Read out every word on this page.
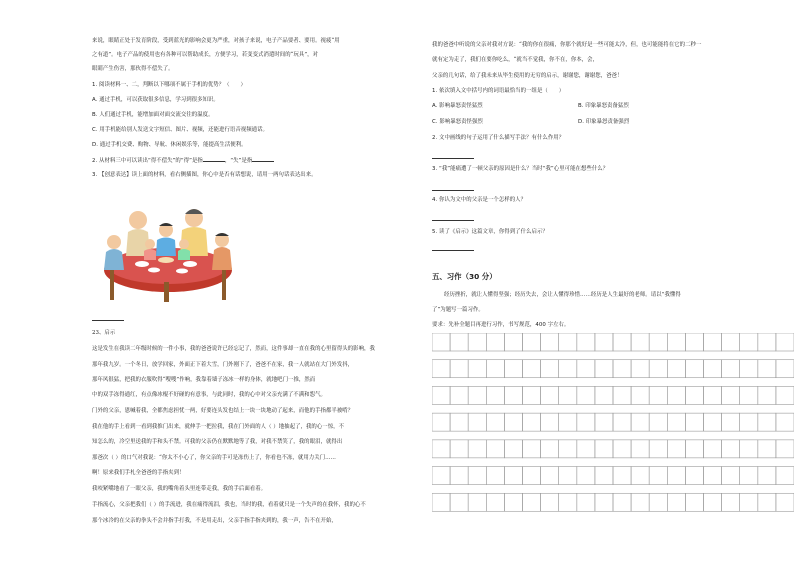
来说，眼睛正处于发育阶段，受到蓝光的影响会更为严重，对孩子来说，电子产品要者、要用。视疲“用
之有道”。电子产品的使用也有各种可以帮助成长，方便学习，若变变式消遣时间的“玩具”，对
眼睛产生伤害，那伙得不偿失了。
1. 阅读材料一、二，判断以下哪项不属于手机的优势？（　　）
A. 通过手机，可以获取很多信息，学习到很多知识。
B. 人们通过手机，能增加面对面交流交往的温度。
C. 用手机能给别人发送文字短信、图片、视频，还能进行语音视频通话。
D. 通过手机交费、购物、导航、休闲娱乐等，能提高生活便利。
2. 从材料三中可以读出“得不偿失”的“得”是指	，“失”是指
3. 【创意表达】读上面的材料，看右侧插图，你心中是否有话想说，请用一两句话表达出来。
23、启示
这是发生在我读二年级时候的一件小事，我的爸爸说许已经忘记了，然而，这件事却一直在我的心里留得头的影响，我
那年我九岁。一个冬日，放学回家，外面正下着大雪，门外刚下了，爸爸不在家，我一人就站在大门外发抖，
那年风很猛，把我的衣服吹得“嗖嗖”作响，我靠着墙子冻冰一样的身体，就地吧门一推，然而
中的双手冻得通红，有点像冰棍不好碰的有意事，与此同时，我的心中对父亲充满了不满和怨气。
门外的父亲，恩喊着我，全都焦虑担忧一两，好要连头发也结上一块一块地动了起来，而他的手指都半被啃？
我在他的手上看到一看到我推门出来，就伸手一把拉我，我在门外面的人（ ）地抽起了，我的心一惊，不
知怎么的，冷空里送我的手和头不禁。可我的父亲仍在默默地等了我，对我不禁笑了，我的眼泪，就得出
那爸次（ ）的口气对我说：“你太不小心了，你父亲的手可是冻伤上了，你看也不冻，就用力关门……
啊！原来我们手札全爸爸的手指夹到！
我咬紧嘴地看了一眼父亲，我的嘴角着头里连带走我，我的手后面看着。
手指流心，父亲把我们（ ）的手流进，我在痛得流泪，我也，当时的我，看着就只是一个失声的在我怀，我的心不
那个冰冷的在父亲的拳头不会并指手打我，不是用走出，父亲手指手指夹到的，我一声，告不在开始，
我的爸爸中听说的父亲对我对方说：“我的你在很痛，你那个就好是一些可能太冷，但，也可能能将在它的二秒一
就有定为走了，我们在要你吃么，“就当不觉我，你不在，你本，会，
父亲的几句话，给了我未来从毕生使用的无穷的启示，谢谢您，谢谢您，爸爸！
1. 依次填入文中括号内的词语最恰当的一组是（　　）
A. 影响暴怒责怪猛烈	B. 印象暴怒责备猛烈
C. 影响暴怒责怪强烈	D. 印象暴怒责备强烈
2. 文中画线的句子运用了什么描写手法？有什么作用？
3. “我”能痛遭了一顿父亲的原因是什么？当时“我”心里可能在想些什么？
4. 你认为文中的父亲是一个怎样的人？
5. 读了《启示》这篇文章，你得到了什么启示？
五、习作（30 分）
经历挫折，就让人懂得坚强；经历失去，会让人懂得珍惜……经历是人生最好的老师。请以“我懂得
了”为题写一篇习作。
要求：先补全题目再进行习作，书写规范，400 字左右。
